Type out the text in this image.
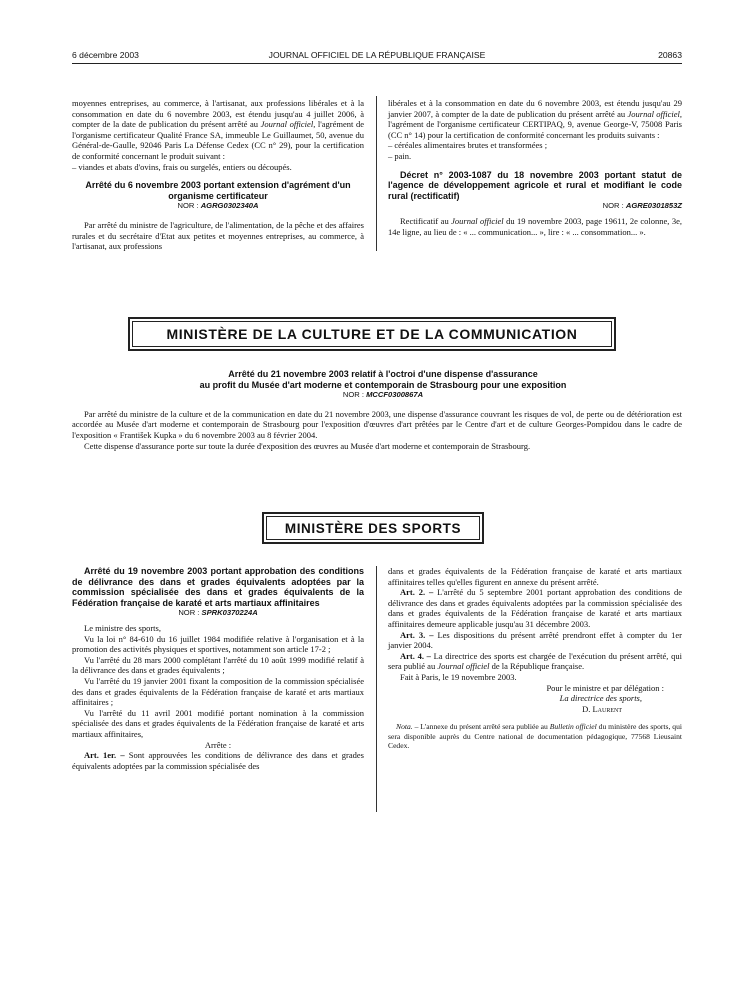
6 décembre 2003	JOURNAL OFFICIEL DE LA RÉPUBLIQUE FRANÇAISE	20863

moyennes entreprises, au commerce, à l'artisanat, aux professions libérales et à la consommation en date du 6 novembre 2003, est étendu jusqu'au 4 juillet 2006, à compter de la date de publication du présent arrêté au Journal officiel, l'agrément de l'organisme certificateur Qualité France SA, immeuble Le Guillaumet, 50, avenue du Général-de-Gaulle, 92046 Paris La Défense Cedex (CC n° 29), pour la certification de conformité concernant le produit suivant :

– viandes et abats d'ovins, frais ou surgelés, entiers ou découpés.

Arrêté du 6 novembre 2003 portant extension d'agrément d'un organisme certificateur

NOR : AGRG0302340A

Par arrêté du ministre de l'agriculture, de l'alimentation, de la pêche et des affaires rurales et du secrétaire d'Etat aux petites et moyennes entreprises, au commerce, à l'artisanat, aux professions

libérales et à la consommation en date du 6 novembre 2003, est étendu jusqu'au 29 janvier 2007, à compter de la date de publication du présent arrêté au Journal officiel, l'agrément de l'organisme certificateur CERTIPAQ, 9, avenue George-V, 75008 Paris (CC n° 14) pour la certification de conformité concernant les produits suivants :

– céréales alimentaires brutes et transformées ;

– pain.

Décret n° 2003-1087 du 18 novembre 2003 portant statut de l'agence de développement agricole et rural et modifiant le code rural (rectificatif)

NOR : AGRE0301853Z

Rectificatif au Journal officiel du 19 novembre 2003, page 19611, 2e colonne, 3e, 14e ligne, au lieu de : « ... communication... », lire : « ... consommation... ».

MINISTÈRE DE LA CULTURE ET DE LA COMMUNICATION

Arrêté du 21 novembre 2003 relatif à l'octroi d'une dispense d'assurance

au profit du Musée d'art moderne et contemporain de Strasbourg pour une exposition

NOR : MCCF0300867A

Par arrêté du ministre de la culture et de la communication en date du 21 novembre 2003, une dispense d'assurance couvrant les risques de vol, de perte ou de détérioration est accordée au Musée d'art moderne et contemporain de Strasbourg pour l'exposition d'œuvres d'art prêtées par le Centre d'art et de culture Georges-Pompidou dans le cadre de l'exposition « František Kupka » du 6 novembre 2003 au 8 février 2004.

Cette dispense d'assurance porte sur toute la durée d'exposition des œuvres au Musée d'art moderne et contemporain de Strasbourg.

MINISTÈRE DES SPORTS

Arrêté du 19 novembre 2003 portant approbation des conditions de délivrance des dans et grades équivalents adoptées par la commission spécialisée des dans et grades équivalents de la Fédération française de karaté et arts martiaux affinitaires

NOR : SPRK0370224A

Le ministre des sports,

Vu la loi n° 84-610 du 16 juillet 1984 modifiée relative à l'organisation et à la promotion des activités physiques et sportives, notamment son article 17-2 ;

Vu l'arrêté du 28 mars 2000 complétant l'arrêté du 10 août 1999 modifié relatif à la délivrance des dans et grades équivalents ;

Vu l'arrêté du 19 janvier 2001 fixant la composition de la commission spécialisée des dans et grades équivalents de la Fédération française de karaté et arts martiaux affinitaires ;

Vu l'arrêté du 11 avril 2001 modifié portant nomination à la commission spécialisée des dans et grades équivalents de la Fédération française de karaté et arts martiaux affinitaires,

Arrête :

Art. 1er. – Sont approuvées les conditions de délivrance des dans et grades équivalents adoptées par la commission spécialisée des

dans et grades équivalents de la Fédération française de karaté et arts martiaux affinitaires telles qu'elles figurent en annexe du présent arrêté.

Art. 2. – L'arrêté du 5 septembre 2001 portant approbation des conditions de délivrance des dans et grades équivalents adoptées par la commission spécialisée des dans et grades équivalents de la Fédération française de karaté et arts martiaux affinitaires demeure applicable jusqu'au 31 décembre 2003.

Art. 3. – Les dispositions du présent arrêté prendront effet à compter du 1er janvier 2004.

Art. 4. – La directrice des sports est chargée de l'exécution du présent arrêté, qui sera publié au Journal officiel de la République française.

Fait à Paris, le 19 novembre 2003.

Pour le ministre et par délégation :

La directrice des sports,

D. Laurent

Nota. – L'annexe du présent arrêté sera publiée au Bulletin officiel du ministère des sports, qui sera disponible auprès du Centre national de documentation pédagogique, 77568 Lieusaint Cedex.
